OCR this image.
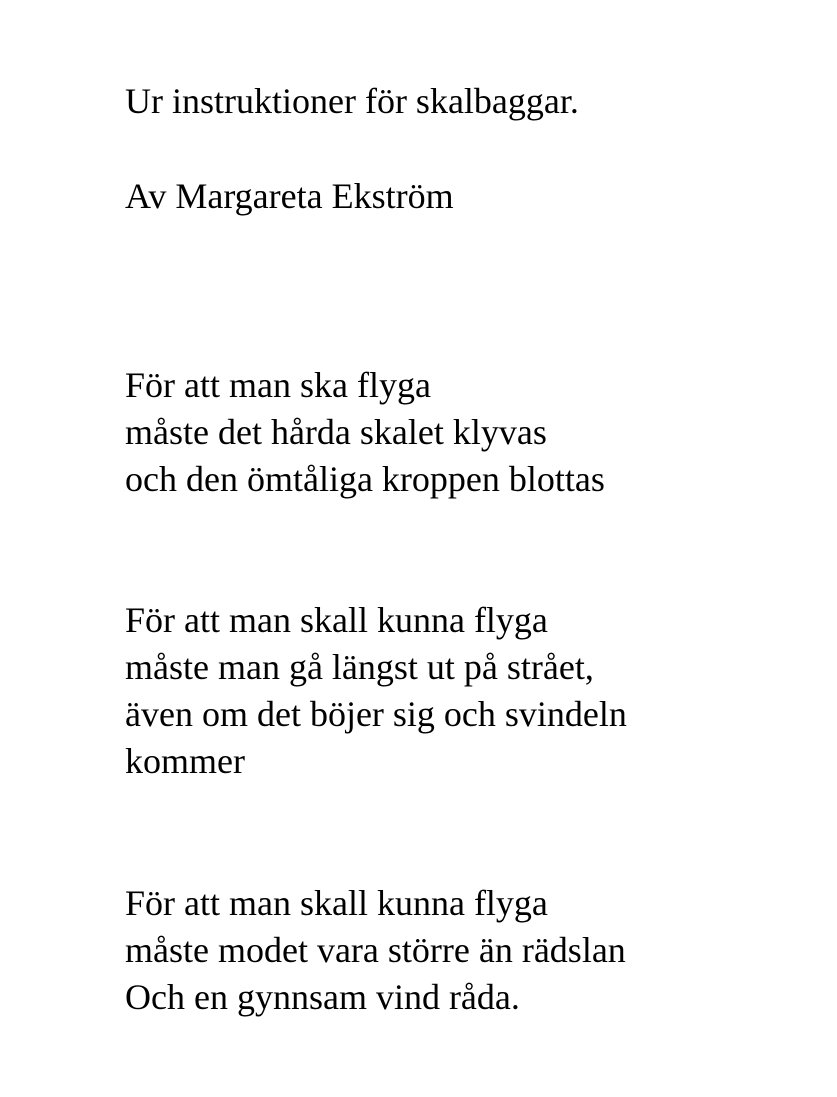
Ur instruktioner för skalbaggar.

Av Margareta Ekström

För att man ska flyga
måste det hårda skalet klyvas
och den ömtåliga kroppen blottas
För att man skall kunna flyga
måste man gå längst ut på strået,
även om det böjer sig och svindeln
kommer
För att man skall kunna flyga
måste modet vara större än rädslan
Och en gynnsam vind råda.
